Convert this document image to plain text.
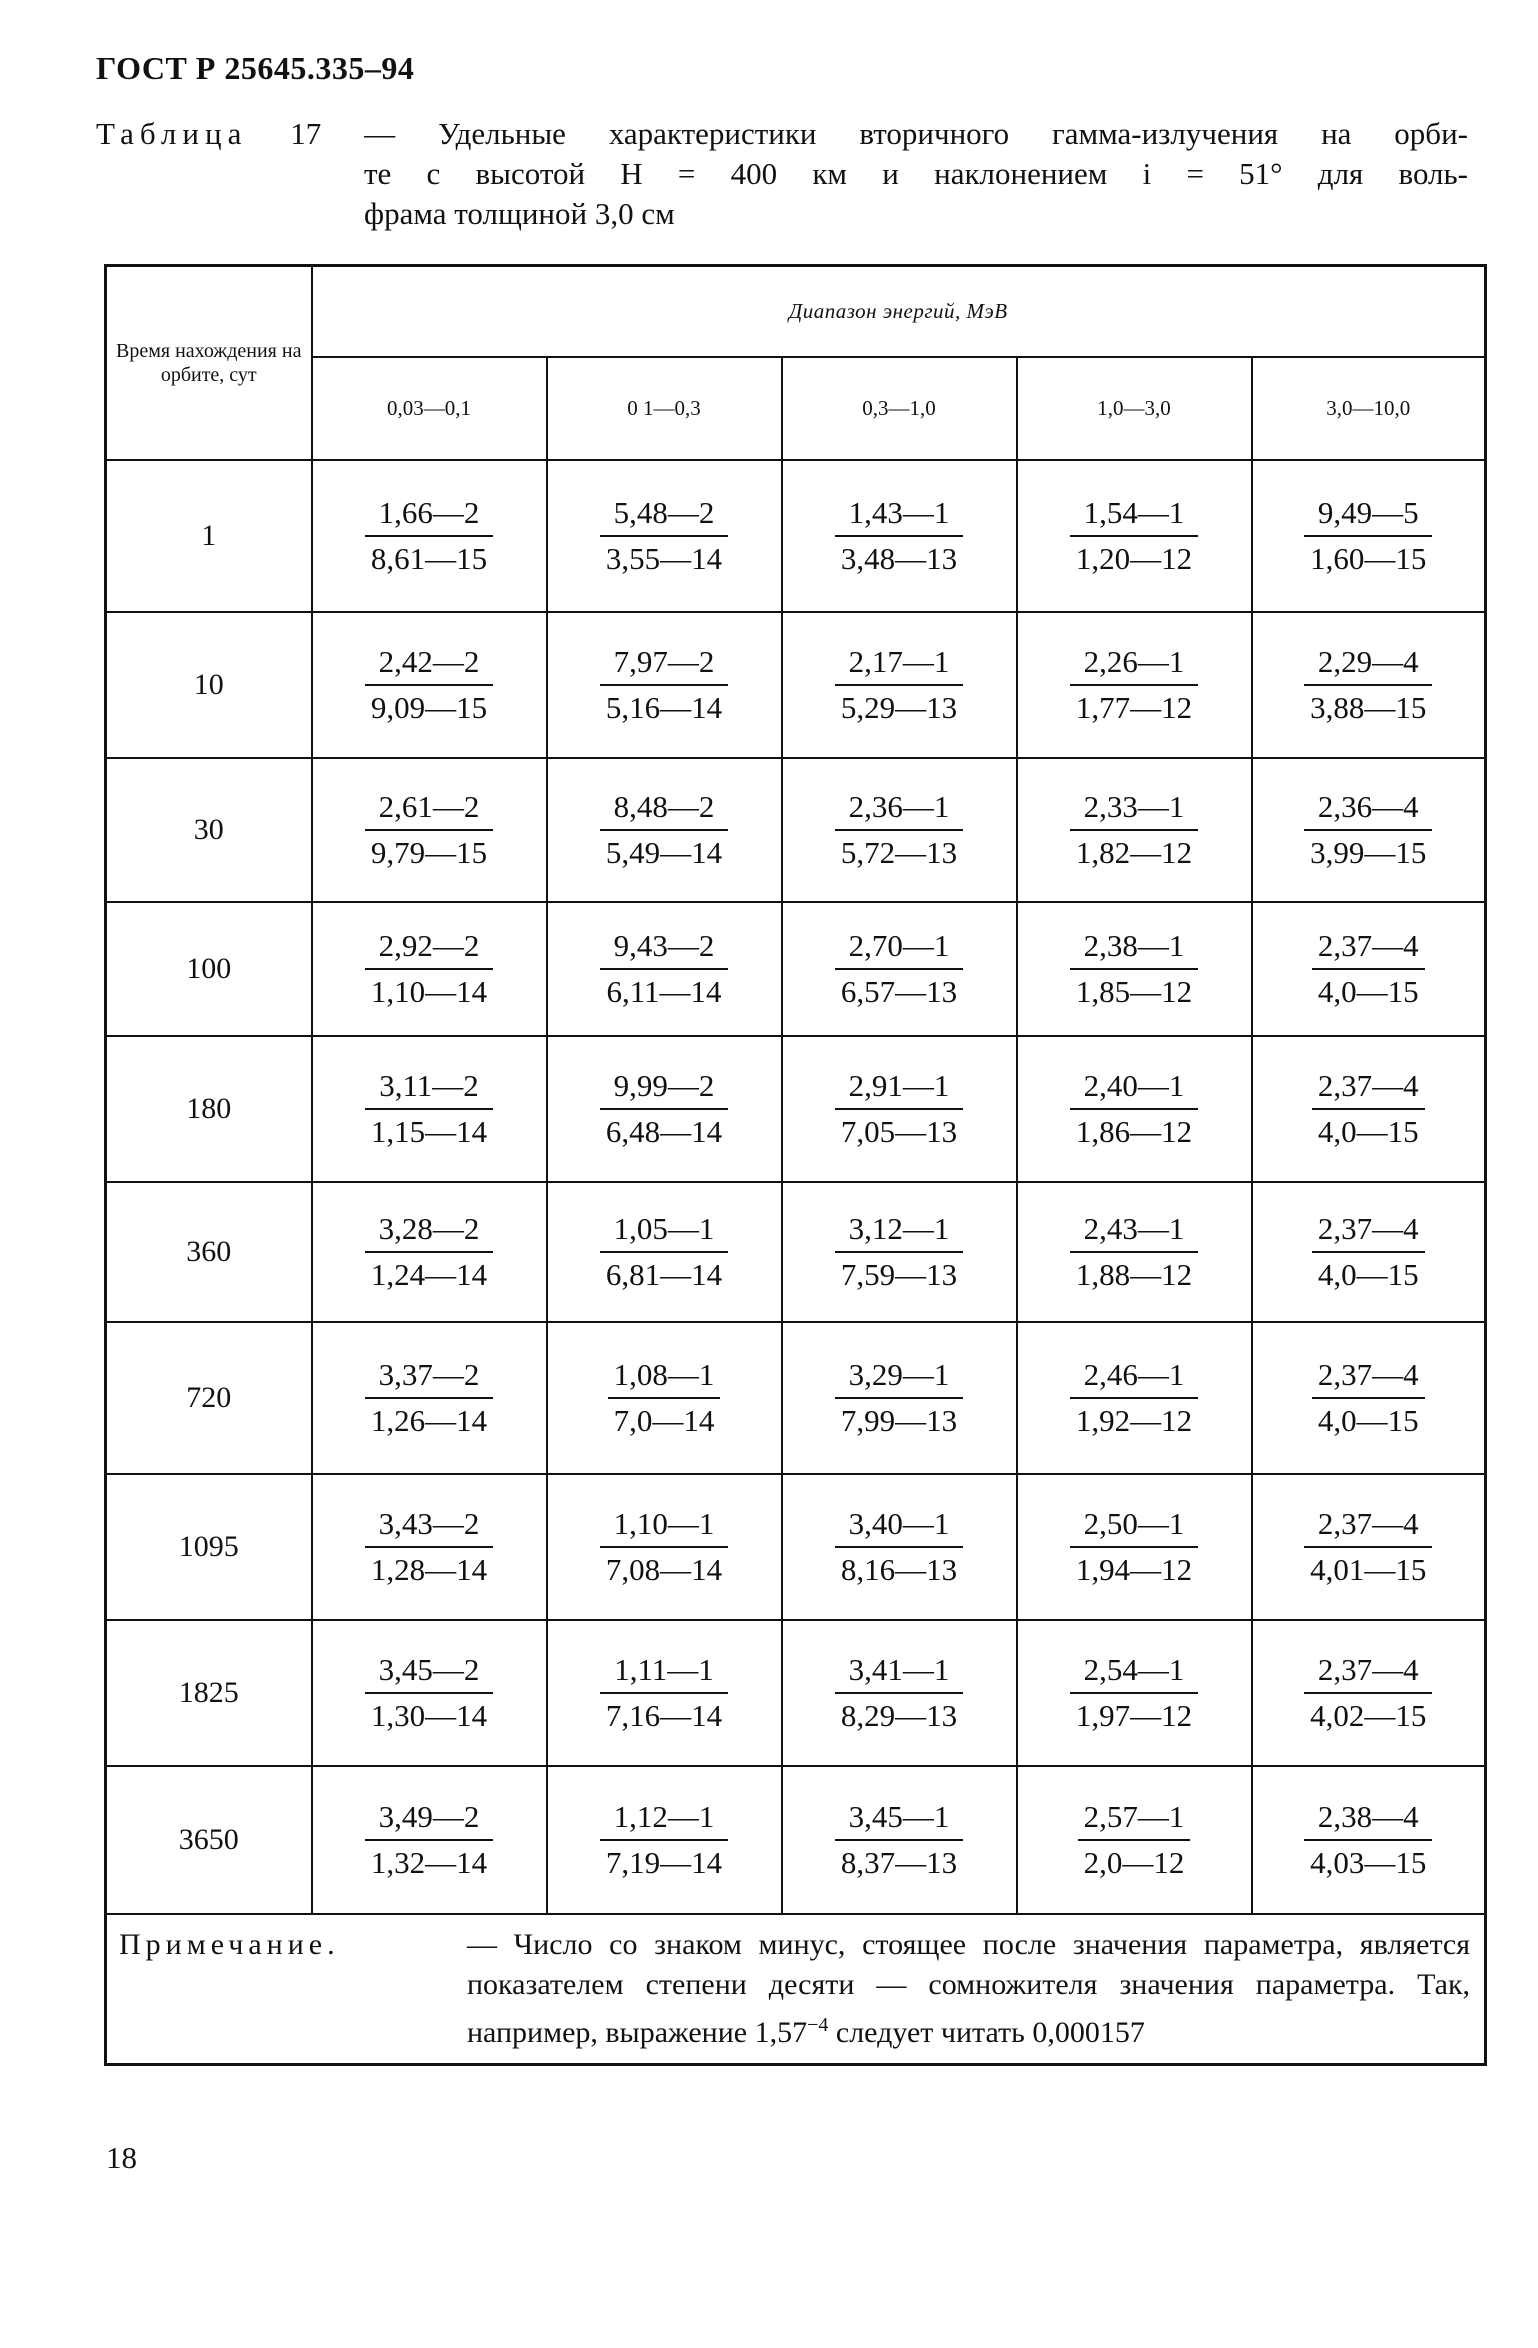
ГОСТ Р 25645.335–94
Таблица 17 — Удельные характеристики вторичного гамма-излучения на орби-
те с высотой H = 400 км и наклонением i = 51° для воль-
фрама толщиной 3,0 см
Время нахождения на орбите, сут	Диапазон энергий, МэВ				
	0,03—0,1	0 1—0,3	0,3—1,0	1,0—3,0	3,0—10,0
1	$\frac{1,66—2}{8,61—15}$	$\frac{5,48—2}{3,55—14}$	$\frac{1,43—1}{3,48—13}$	$\frac{1,54—1}{1,20—12}$	$\frac{9,49—5}{1,60—15}$

10	$\frac{2,42—2}{9,09—15}$	$\frac{7,97—2}{5,16—14}$	$\frac{2,17—1}{5,29—13}$	$\frac{2,26—1}{1,77—12}$	$\frac{2,29—4}{3,88—15}$

30	$\frac{2,61—2}{9,79—15}$	$\frac{8,48—2}{5,49—14}$	$\frac{2,36—1}{5,72—13}$	$\frac{2,33—1}{1,82—12}$	$\frac{2,36—4}{3,99—15}$

100	$\frac{2,92—2}{1,10—14}$	$\frac{9,43—2}{6,11—14}$	$\frac{2,70—1}{6,57—13}$	$\frac{2,38—1}{1,85—12}$	$\frac{2,37—4}{4,0—15}$

180	$\frac{3,11—2}{1,15—14}$	$\frac{9,99—2}{6,48—14}$	$\frac{2,91—1}{7,05—13}$	$\frac{2,40—1}{1,86—12}$	$\frac{2,37—4}{4,0—15}$

360	$\frac{3,28—2}{1,24—14}$	$\frac{1,05—1}{6,81—14}$	$\frac{3,12—1}{7,59—13}$	$\frac{2,43—1}{1,88—12}$	$\frac{2,37—4}{4,0—15}$

720	$\frac{3,37—2}{1,26—14}$	$\frac{1,08—1}{7,0—14}$	$\frac{3,29—1}{7,99—13}$	$\frac{2,46—1}{1,92—12}$	$\frac{2,37—4}{4,0—15}$

1095	$\frac{3,43—2}{1,28—14}$	$\frac{1,10—1}{7,08—14}$	$\frac{3,40—1}{8,16—13}$	$\frac{2,50—1}{1,94—12}$	$\frac{2,37—4}{4,01—15}$

1825	$\frac{3,45—2}{1,30—14}$	$\frac{1,11—1}{7,16—14}$	$\frac{3,41—1}{8,29—13}$	$\frac{2,54—1}{1,97—12}$	$\frac{2,37—4}{4,02—15}$

3650	$\frac{3,49—2}{1,32—14}$	$\frac{1,12—1}{7,19—14}$	$\frac{3,45—1}{8,37—13}$	$\frac{2,57—1}{2,0—12}$	$\frac{2,38—4}{4,03—15}$

Примечание. — Число со знаком минус, стоящее после значения параметра, является показателем степени десяти — сомножителя значения параметра. Так, например, выражение $1,57^{-4}$ следует читать 0,000157					
18
